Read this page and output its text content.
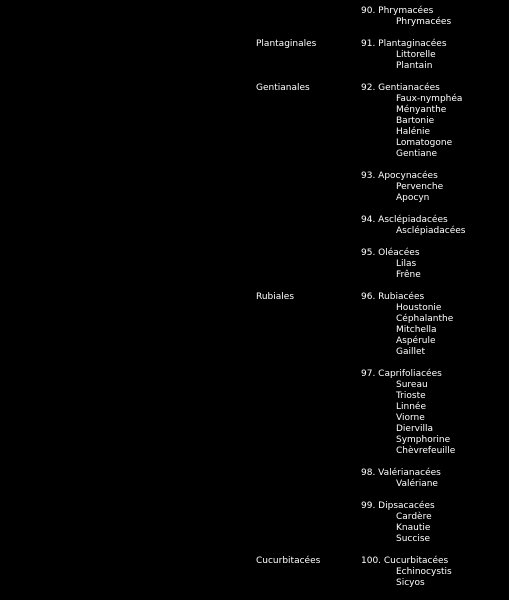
90. Phrymacées
Phrymacées
Plantaginales	91. Plantaginacées
Littorelle
Plantain
Gentianales	92. Gentianacées
Faux-nymphéa
Ményanthe
Bartonie
Halénie
Lomatogone
Gentiane
93. Apocynacées
Pervenche
Apocyn
94. Asclépiadacées
Asclépiadacées
95. Oléacées
Lilas
Frêne
Rubiales	96. Rubiacées
Houstonie
Céphalanthe
Mitchella
Aspérule
Gaillet
97. Caprifoliacées
Sureau
Trioste
Linnée
Viorne
Diervilla
Symphorine
Chèvrefeuille
98. Valérianacées
Valériane
99. Dipsacacées
Cardère
Knautie
Succise
Cucurbitacées	100. Cucurbitacées
Echinocystis
Sicyos
